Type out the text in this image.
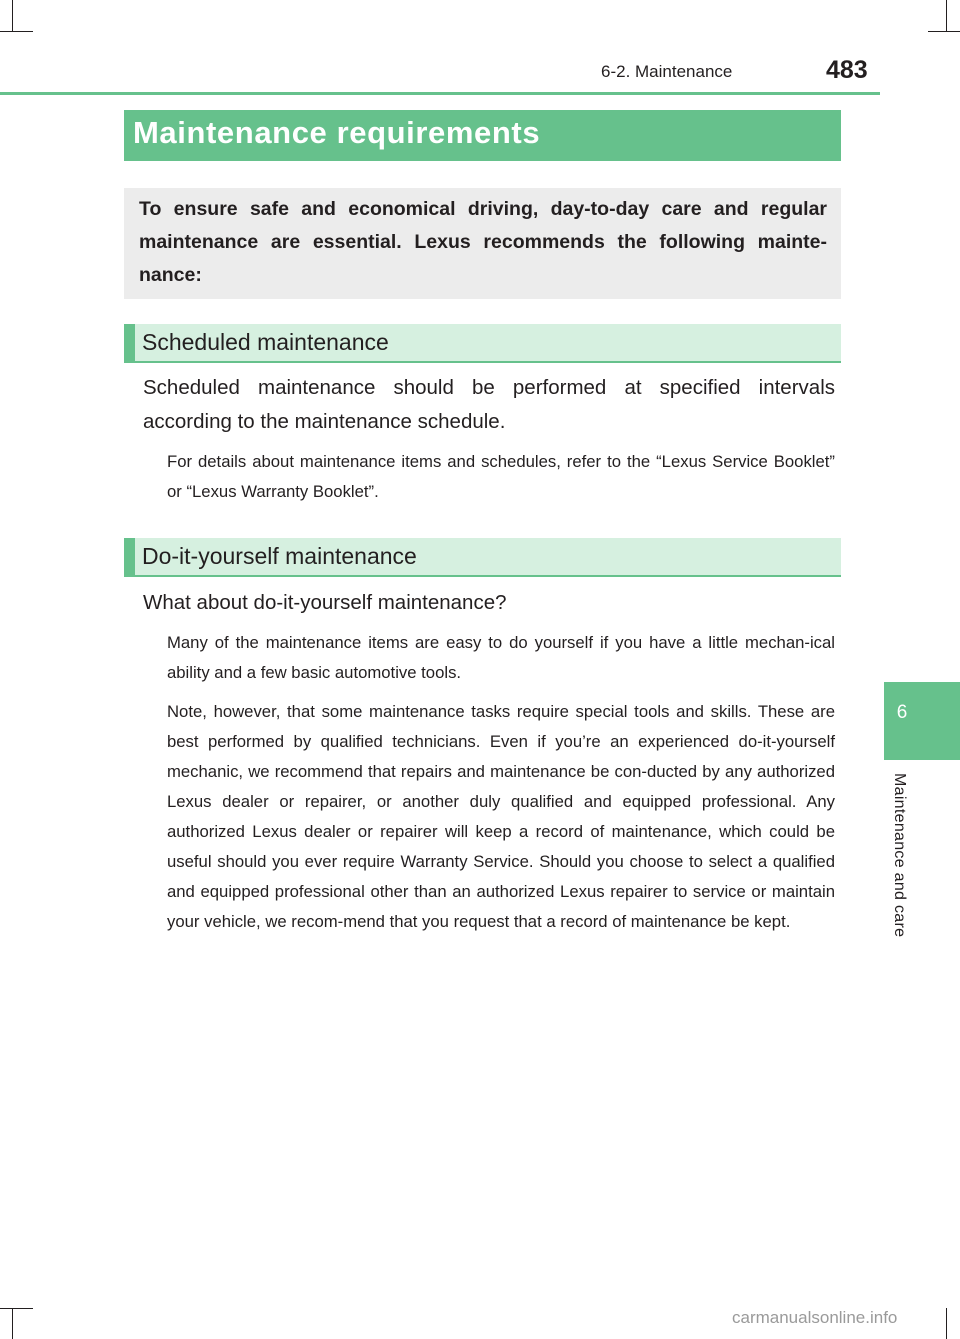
6-2. Maintenance	483
6
Maintenance and care
Maintenance requirements
To ensure safe and economical driving, day-to-day care and regular maintenance are essential. Lexus recommends the following mainte-nance:
Scheduled maintenance
Scheduled maintenance should be performed at specified intervals according to the maintenance schedule.
For details about maintenance items and schedules, refer to the “Lexus Service Booklet” or “Lexus Warranty Booklet”.
Do-it-yourself maintenance
What about do-it-yourself maintenance?
Many of the maintenance items are easy to do yourself if you have a little mechan-ical ability and a few basic automotive tools.
Note, however, that some maintenance tasks require special tools and skills. These are best performed by qualified technicians. Even if you’re an experienced do-it-yourself mechanic, we recommend that repairs and maintenance be con-ducted by any authorized Lexus dealer or repairer, or another duly qualified and equipped professional. Any authorized Lexus dealer or repairer will keep a record of maintenance, which could be useful should you ever require Warranty Service. Should you choose to select a qualified and equipped professional other than an authorized Lexus repairer to service or maintain your vehicle, we recom-mend that you request that a record of maintenance be kept.
carmanualsonline.info
